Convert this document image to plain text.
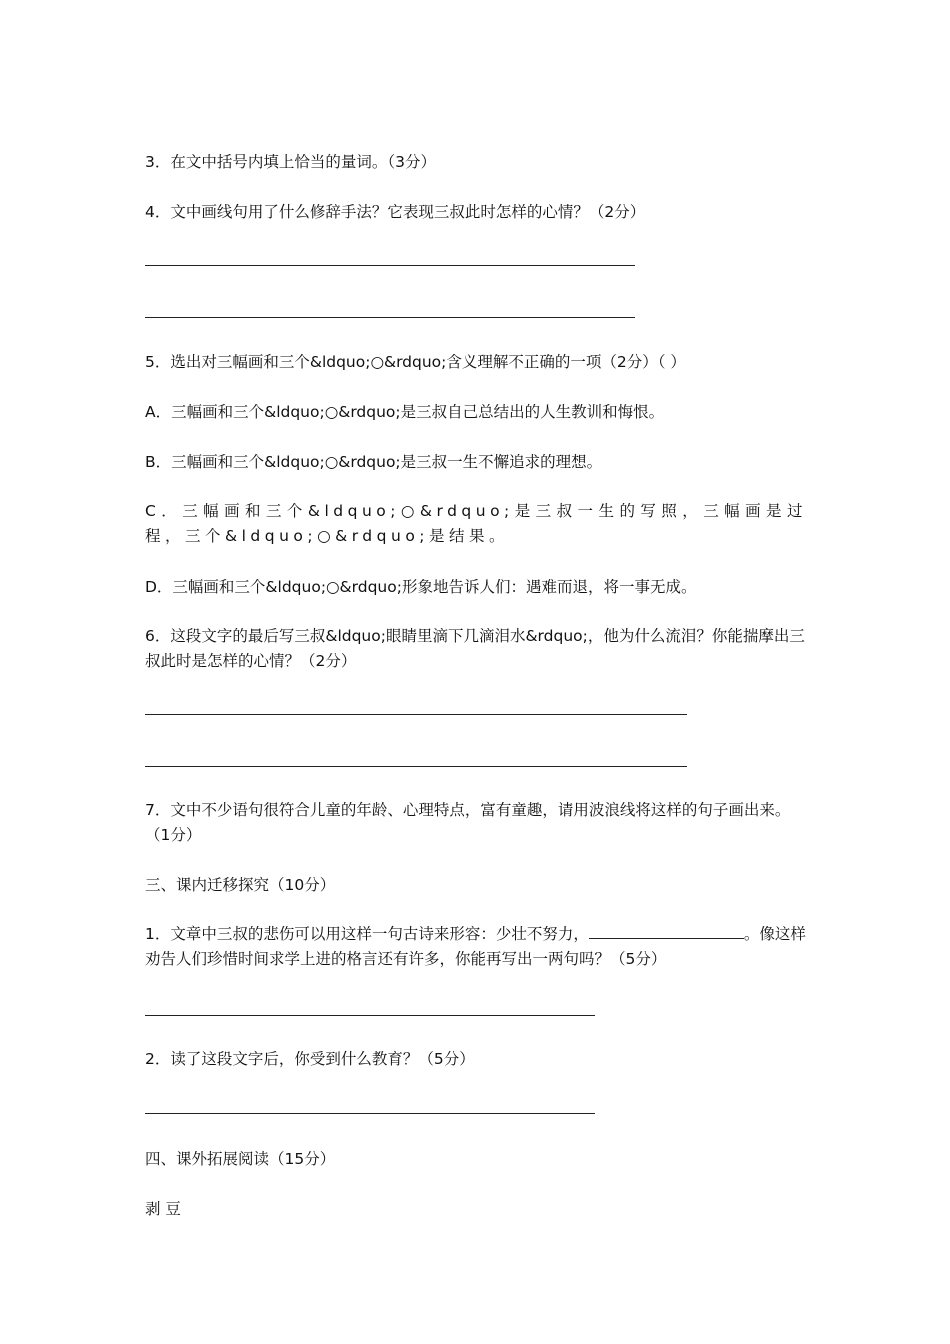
3．在文中括号内填上恰当的量词。（3分）

4．文中画线句用了什么修辞手法？它表现三叔此时怎样的心情？（2分）

5．选出对三幅画和三个&ldquo;○&rdquo;含义理解不正确的一项（2分）（ ）

A．三幅画和三个&ldquo;○&rdquo;是三叔自己总结出的人生教训和悔恨。

B．三幅画和三个&ldquo;○&rdquo;是三叔一生不懈追求的理想。

C．三幅画和三个&ldquo;○&rdquo;是三叔一生的写照，三幅画是过程，三个&ldquo;○&rdquo;是结果。

D．三幅画和三个&ldquo;○&rdquo;形象地告诉人们：遇难而退，将一事无成。

6．这段文字的最后写三叔&ldquo;眼睛里滴下几滴泪水&rdquo;，他为什么流泪？你能揣摩出三叔此时是怎样的心情？（2分）

7．文中不少语句很符合儿童的年龄、心理特点，富有童趣，请用波浪线将这样的句子画出来。（1分）

三、课内迁移探究（10分）

1．文章中三叔的悲伤可以用这样一句古诗来形容：少壮不努力，	。像这样劝告人们珍惜时间求学上进的格言还有许多，你能再写出一两句吗？（5分）

2．读了这段文字后，你受到什么教育？（5分）

四、课外拓展阅读（15分）

剥 豆
